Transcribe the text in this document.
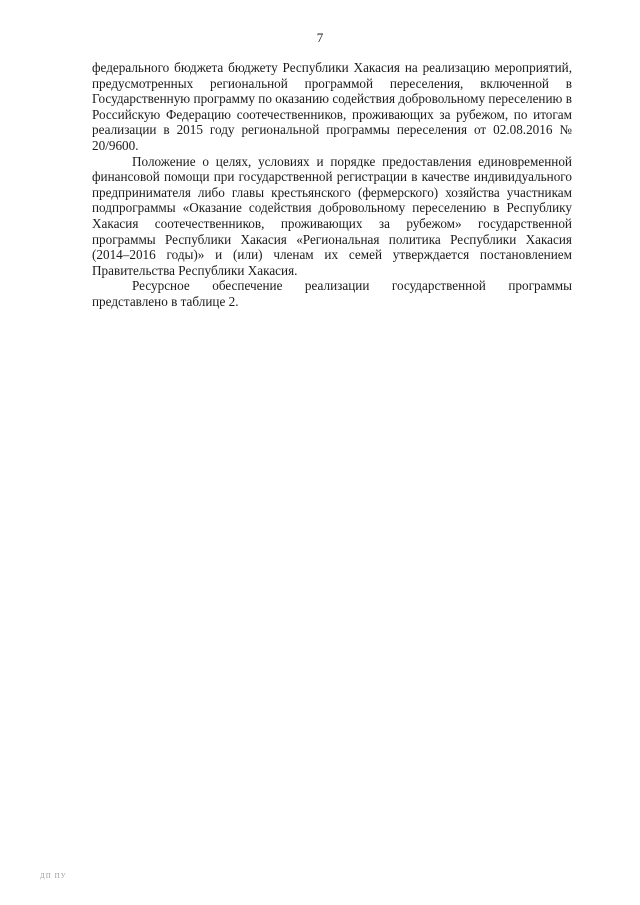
7

федерального бюджета бюджету Республики Хакасия на реализацию мероприятий, предусмотренных региональной программой переселения, включенной в Государственную программу по оказанию содействия добровольному переселению в Российскую Федерацию соотечественников, проживающих за рубежом, по итогам реализации в 2015 году региональной программы переселения от 02.08.2016 № 20/9600.

Положение о целях, условиях и порядке предоставления единовременной финансовой помощи при государственной регистрации в качестве индивидуального предпринимателя либо главы крестьянского (фермерского) хозяйства участникам подпрограммы «Оказание содействия добровольному переселению в Республику Хакасия соотечественников, проживающих за рубежом» государственной программы Республики Хакасия «Региональная политика Республики Хакасия (2014–2016 годы)» и (или) членам их семей утверждается постановлением Правительства Республики Хакасия.

Ресурсное обеспечение реализации государственной программы представлено в таблице 2.

ДП ПУ
